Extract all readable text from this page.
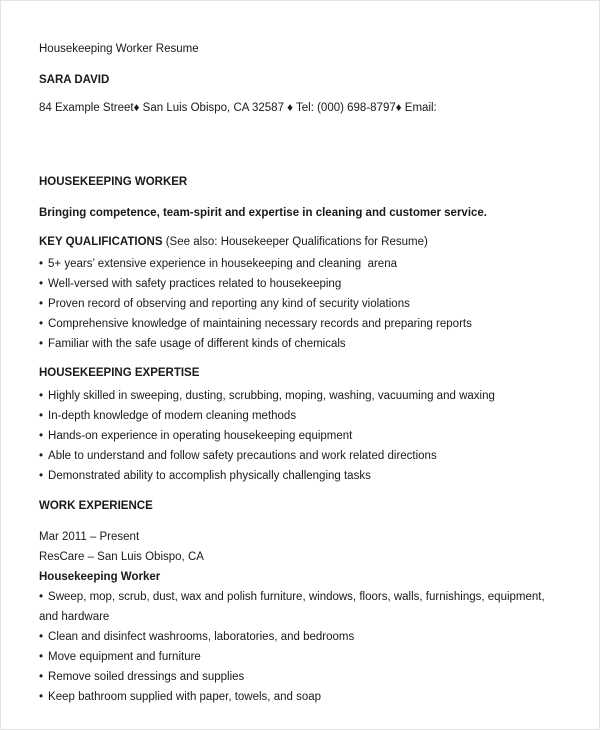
Housekeeping Worker Resume

SARA DAVID

84 Example Street♦ San Luis Obispo, CA 32587 ♦ Tel: (000) 698-8797♦ Email:

HOUSEKEEPING WORKER

Bringing competence, team-spirit and expertise in cleaning and customer service.

KEY QUALIFICATIONS (See also: Housekeeper Qualifications for Resume)

• 5+ years’ extensive experience in housekeeping and cleaning  arena
• Well-versed with safety practices related to housekeeping
• Proven record of observing and reporting any kind of security violations
• Comprehensive knowledge of maintaining necessary records and preparing reports
• Familiar with the safe usage of different kinds of chemicals

HOUSEKEEPING EXPERTISE

• Highly skilled in sweeping, dusting, scrubbing, moping, washing, vacuuming and waxing
• In-depth knowledge of modem cleaning methods
• Hands-on experience in operating housekeeping equipment
• Able to understand and follow safety precautions and work related directions
• Demonstrated ability to accomplish physically challenging tasks

WORK EXPERIENCE

Mar 2011 – Present

ResCare – San Luis Obispo, CA

Housekeeping Worker

• Sweep, mop, scrub, dust, wax and polish furniture, windows, floors, walls, furnishings, equipment, and hardware
• Clean and disinfect washrooms, laboratories, and bedrooms
• Move equipment and furniture
• Remove soiled dressings and supplies
• Keep bathroom supplied with paper, towels, and soap
